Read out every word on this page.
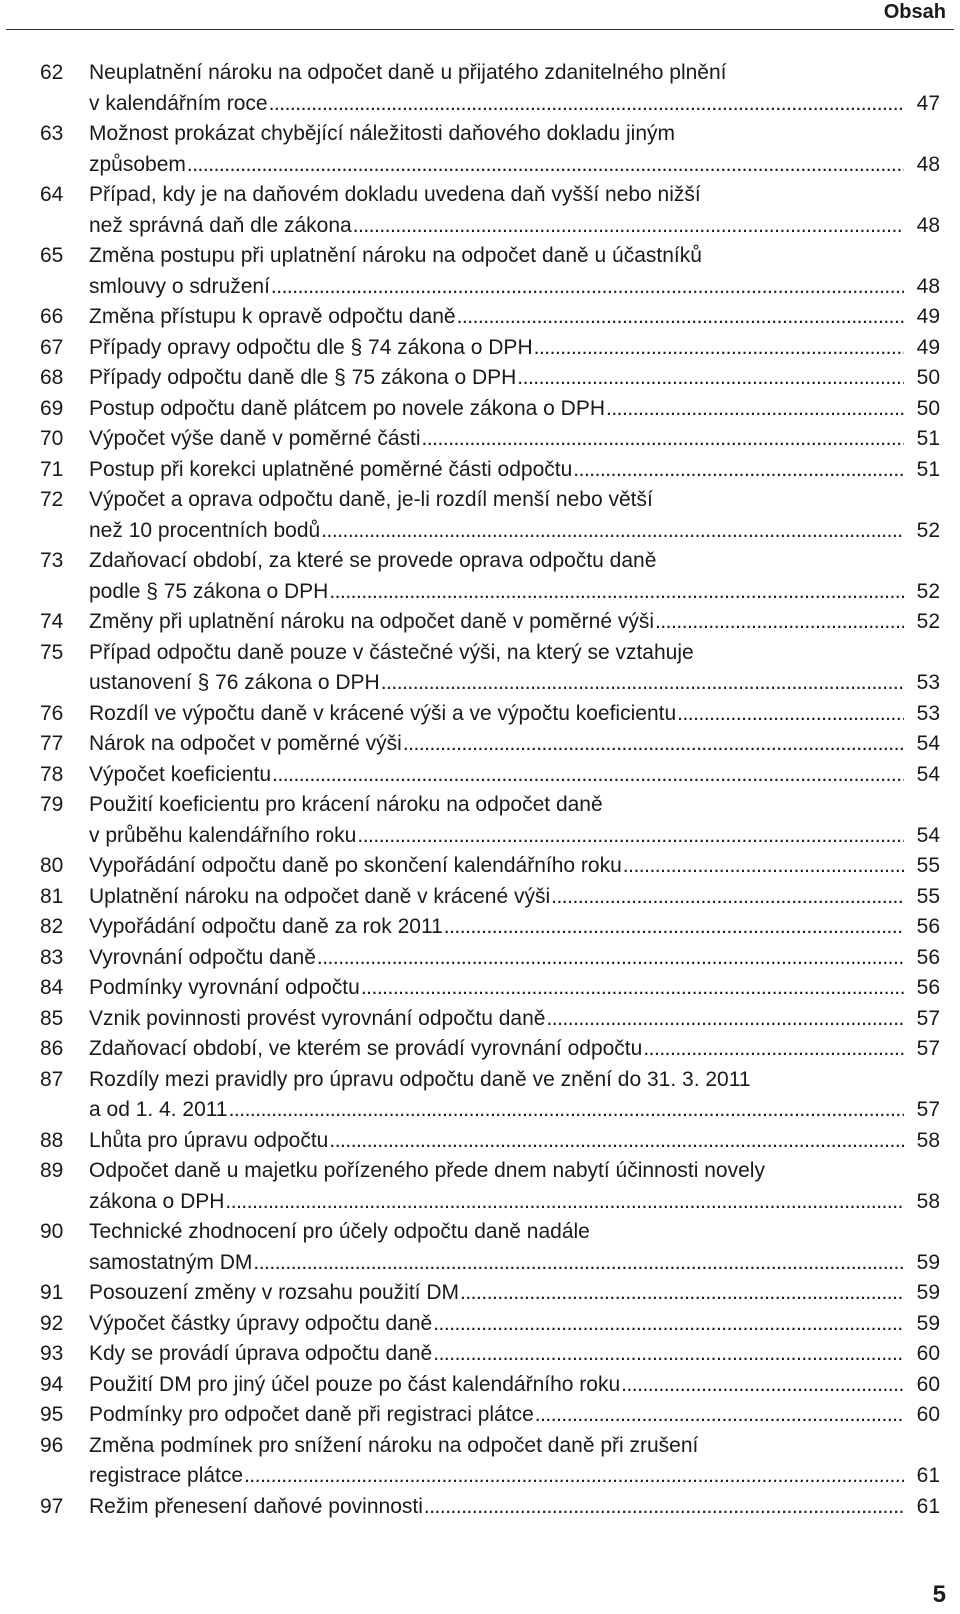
Obsah
62	Neuplatnění nároku na odpočet daně u přijatého zdanitelného plnění
v kalendářním roce .....	47
63	Možnost prokázat chybějící náležitosti daňového dokladu jiným
způsobem .....	48
64	Případ, kdy je na daňovém dokladu uvedena daň vyšší nebo nižší
než správná daň dle zákona .....	48
65	Změna postupu při uplatnění nároku na odpočet daně u účastníků
smlouvy o sdružení .....	48
66	Změna přístupu k opravě odpočtu daně .....	49
67	Případy opravy odpočtu dle § 74 zákona o DPH .....	49
68	Případy odpočtu daně dle § 75 zákona o DPH .....	50
69	Postup odpočtu daně plátcem po novele zákona o DPH .....	50
70	Výpočet výše daně v poměrné části .....	51
71	Postup při korekci uplatněné poměrné části odpočtu .....	51
72	Výpočet a oprava odpočtu daně, je-li rozdíl menší nebo větší
než 10 procentních bodů .....	52
73	Zdaňovací období, za které se provede oprava odpočtu daně
podle § 75 zákona o DPH .....	52
74	Změny při uplatnění nároku na odpočet daně v poměrné výši .....	52
75	Případ odpočtu daně pouze v částečné výši, na který se vztahuje
ustanovení § 76 zákona o DPH .....	53
76	Rozdíl ve výpočtu daně v krácené výši a ve výpočtu koeficientu .....	53
77	Nárok na odpočet v poměrné výši .....	54
78	Výpočet koeficientu .....	54
79	Použití koeficientu pro krácení nároku na odpočet daně
v průběhu kalendářního roku .....	54
80	Vypořádání odpočtu daně po skončení kalendářního roku .....	55
81	Uplatnění nároku na odpočet daně v krácené výši .....	55
82	Vypořádání odpočtu daně za rok 2011 .....	56
83	Vyrovnání odpočtu daně .....	56
84	Podmínky vyrovnání odpočtu .....	56
85	Vznik povinnosti provést vyrovnání odpočtu daně .....	57
86	Zdaňovací období, ve kterém se provádí vyrovnání odpočtu .....	57
87	Rozdíly mezi pravidly pro úpravu odpočtu daně ve znění do 31. 3. 2011
a od 1. 4. 2011 .....	57
88	Lhůta pro úpravu odpočtu .....	58
89	Odpočet daně u majetku pořízeného přede dnem nabytí účinnosti novely
zákona o DPH .....	58
90	Technické zhodnocení pro účely odpočtu daně nadále
samostatným DM .....	59
91	Posouzení změny v rozsahu použití DM .....	59
92	Výpočet částky úpravy odpočtu daně .....	59
93	Kdy se provádí úprava odpočtu daně .....	60
94	Použití DM pro jiný účel pouze po část kalendářního roku .....	60
95	Podmínky pro odpočet daně při registraci plátce .....	60
96	Změna podmínek pro snížení nároku na odpočet daně při zrušení
registrace plátce .....	61
97	Režim přenesení daňové povinnosti .....	61
5
